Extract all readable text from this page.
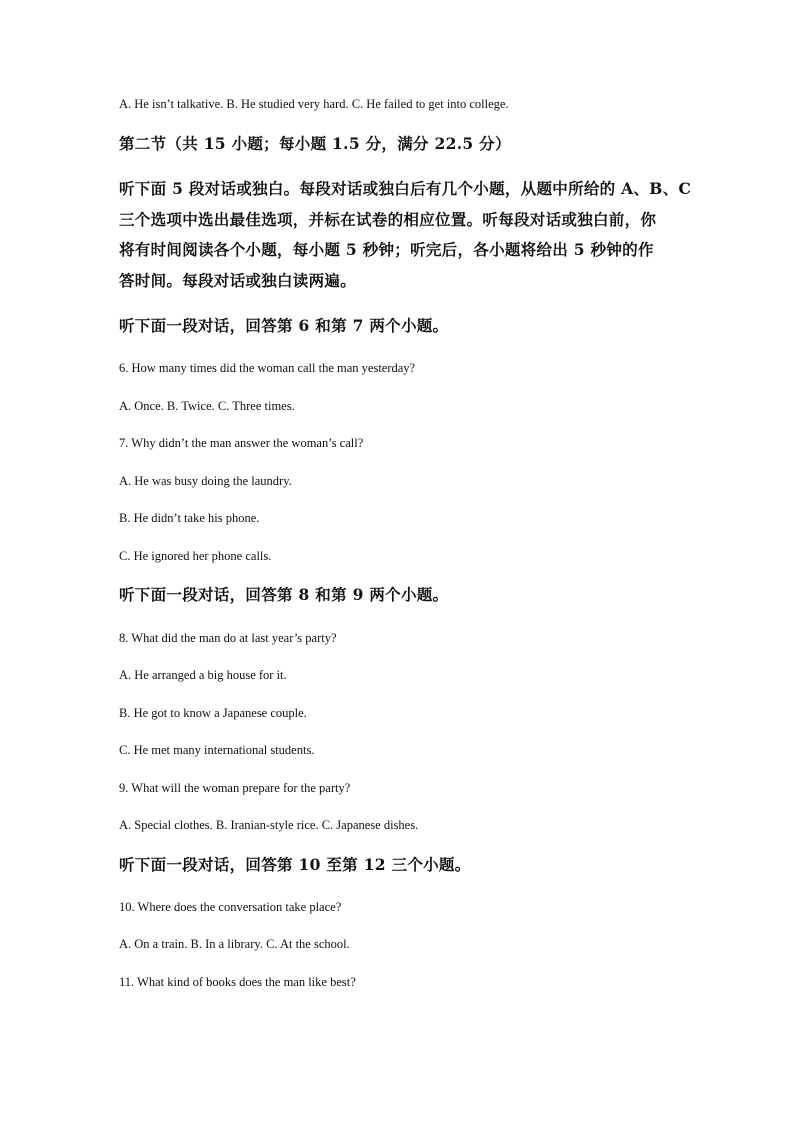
A. He isn’t talkative. B. He studied very hard. C. He failed to get into college.
第二节（共 15 小题；每小题 1.5 分，满分 22.5 分）
听下面 5 段对话或独白。每段对话或独白后有几个小题，从题中所给的 A、B、C
三个选项中选出最佳选项，并标在试卷的相应位置。听每段对话或独白前，你
将有时间阅读各个小题，每小题 5 秒钟；听完后，各小题将给出 5 秒钟的作
答时间。每段对话或独白读两遍。
听下面一段对话，回答第 6 和第 7 两个小题。
6. How many times did the woman call the man yesterday?
A. Once. B. Twice. C. Three times.
7. Why didn’t the man answer the woman’s call?
A. He was busy doing the laundry.
B. He didn’t take his phone.
C. He ignored her phone calls.
听下面一段对话，回答第 8 和第 9 两个小题。
8. What did the man do at last year’s party?
A. He arranged a big house for it.
B. He got to know a Japanese couple.
C. He met many international students.
9. What will the woman prepare for the party?
A. Special clothes. B. Iranian-style rice. C. Japanese dishes.
听下面一段对话，回答第 10 至第 12 三个小题。
10. Where does the conversation take place?
A. On a train. B. In a library. C. At the school.
11. What kind of books does the man like best?
